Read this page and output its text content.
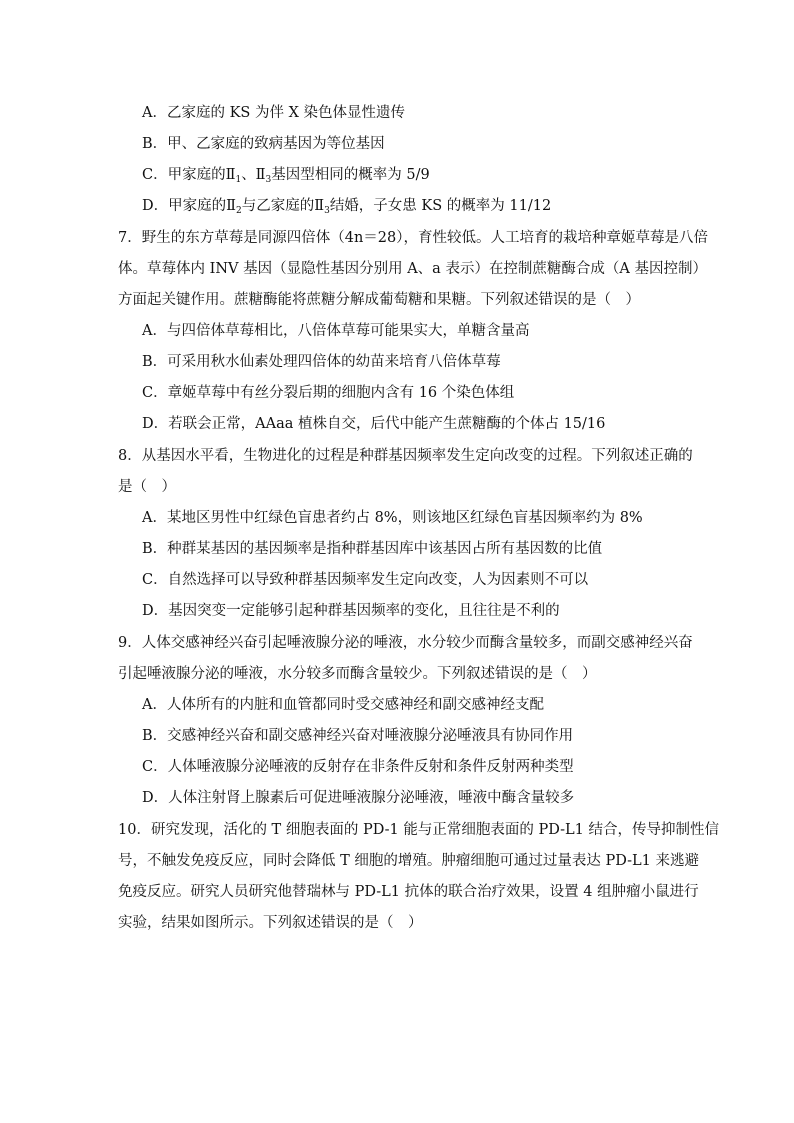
A．乙家庭的 KS 为伴 X 染色体显性遗传
B．甲、乙家庭的致病基因为等位基因
C．甲家庭的$Ⅱ_1$、$Ⅱ_3$基因型相同的概率为 5/9
D．甲家庭的$Ⅱ_2$与乙家庭的$Ⅱ_3$结婚，子女患 KS 的概率为 11/12
7．野生的东方草莓是同源四倍体（4n＝28），育性较低。人工培育的栽培种章姬草莓是八倍
体。草莓体内 INV 基因（显隐性基因分别用 A、a 表示）在控制蔗糖酶合成（A 基因控制）
方面起关键作用。蔗糖酶能将蔗糖分解成葡萄糖和果糖。下列叙述错误的是（　）
A．与四倍体草莓相比，八倍体草莓可能果实大，单糖含量高
B．可采用秋水仙素处理四倍体的幼苗来培育八倍体草莓
C．章姬草莓中有丝分裂后期的细胞内含有 16 个染色体组
D．若联会正常，AAaa 植株自交，后代中能产生蔗糖酶的个体占 15/16
8．从基因水平看，生物进化的过程是种群基因频率发生定向改变的过程。下列叙述正确的
是（　）
A．某地区男性中红绿色盲患者约占 8%，则该地区红绿色盲基因频率约为 8%
B．种群某基因的基因频率是指种群基因库中该基因占所有基因数的比值
C．自然选择可以导致种群基因频率发生定向改变，人为因素则不可以
D．基因突变一定能够引起种群基因频率的变化，且往往是不利的
9．人体交感神经兴奋引起唾液腺分泌的唾液，水分较少而酶含量较多，而副交感神经兴奋
引起唾液腺分泌的唾液，水分较多而酶含量较少。下列叙述错误的是（　）
A．人体所有的内脏和血管都同时受交感神经和副交感神经支配
B．交感神经兴奋和副交感神经兴奋对唾液腺分泌唾液具有协同作用
C．人体唾液腺分泌唾液的反射存在非条件反射和条件反射两种类型
D．人体注射肾上腺素后可促进唾液腺分泌唾液，唾液中酶含量较多
10．研究发现，活化的 T 细胞表面的 PD-1 能与正常细胞表面的 PD-L1 结合，传导抑制性信
号，不触发免疫反应，同时会降低 T 细胞的增殖。肿瘤细胞可通过过量表达 PD-L1 来逃避
免疫反应。研究人员研究他替瑞林与 PD-L1 抗体的联合治疗效果，设置 4 组肿瘤小鼠进行
实验，结果如图所示。下列叙述错误的是（　）
